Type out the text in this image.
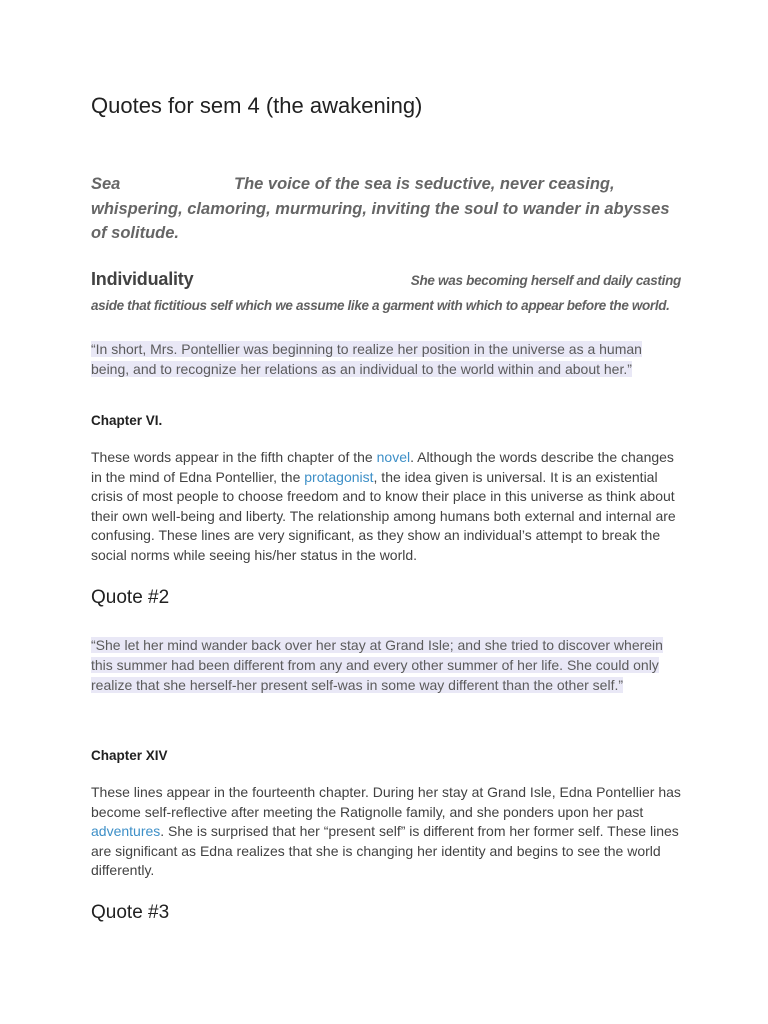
Quotes for sem 4 (the awakening)
Sea	The voice of the sea is seductive, never ceasing, whispering, clamoring, murmuring, inviting the soul to wander in abysses of solitude.
Individuality	She was becoming herself and daily casting
aside that fictitious self which we assume like a garment with which to appear before the world.
“In short, Mrs. Pontellier was beginning to realize her position in the universe as a human being, and to recognize her relations as an individual to the world within and about her.”
Chapter VI.

These words appear in the fifth chapter of the novel. Although the words describe the changes in the mind of Edna Pontellier, the protagonist, the idea given is universal. It is an existential crisis of most people to choose freedom and to know their place in this universe as think about their own well-being and liberty. The relationship among humans both external and internal are confusing. These lines are very significant, as they show an individual’s attempt to break the social norms while seeing his/her status in the world.

Quote #2
“She let her mind wander back over her stay at Grand Isle; and she tried to discover wherein this summer had been different from any and every other summer of her life. She could only realize that she herself-her present self-was in some way different than the other self.”
Chapter XIV

These lines appear in the fourteenth chapter. During her stay at Grand Isle, Edna Pontellier has become self-reflective after meeting the Ratignolle family, and she ponders upon her past adventures. She is surprised that her “present self” is different from her former self. These lines are significant as Edna realizes that she is changing her identity and begins to see the world differently.

Quote #3
